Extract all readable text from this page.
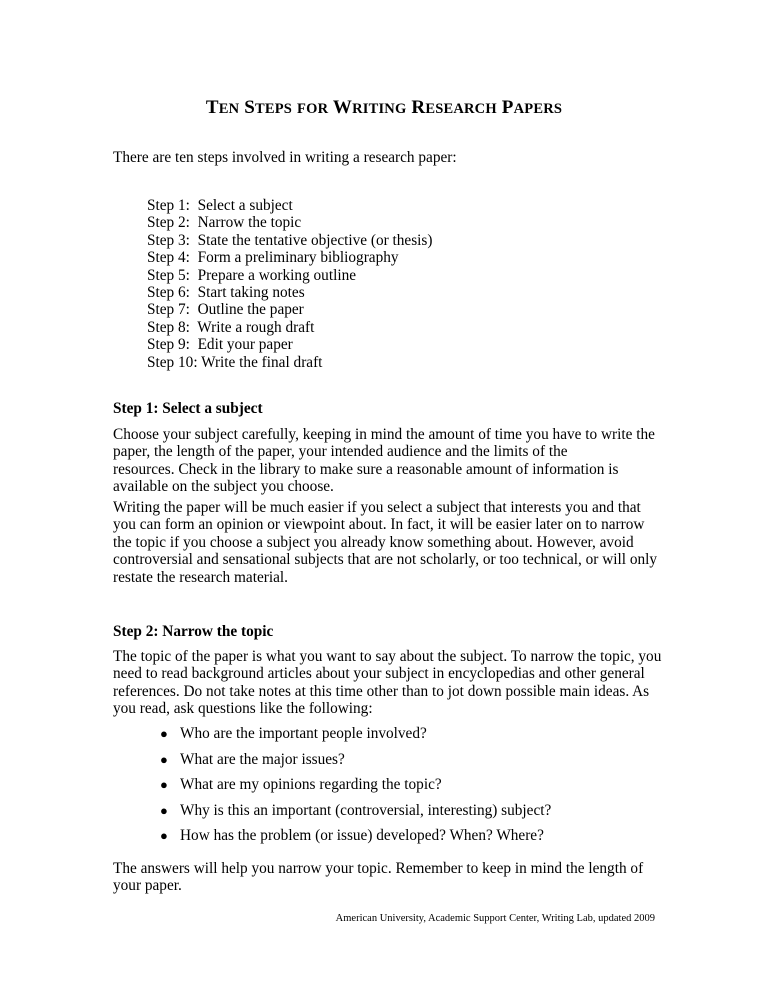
TEN STEPS FOR WRITING RESEARCH PAPERS
There are ten steps involved in writing a research paper:
Step 1: Select a subject
Step 2: Narrow the topic
Step 3: State the tentative objective (or thesis)
Step 4: Form a preliminary bibliography
Step 5: Prepare a working outline
Step 6: Start taking notes
Step 7: Outline the paper
Step 8: Write a rough draft
Step 9: Edit your paper
Step 10: Write the final draft
Step 1: Select a subject
Choose your subject carefully, keeping in mind the amount of time you have to write the
paper, the length of the paper, your intended audience and the limits of the
resources. Check in the library to make sure a reasonable amount of information is
available on the subject you choose.
Writing the paper will be much easier if you select a subject that interests you and that
you can form an opinion or viewpoint about. In fact, it will be easier later on to narrow
the topic if you choose a subject you already know something about. However, avoid
controversial and sensational subjects that are not scholarly, or too technical, or will only
restate the research material.
Step 2: Narrow the topic
The topic of the paper is what you want to say about the subject. To narrow the topic, you
need to read background articles about your subject in encyclopedias and other general
references. Do not take notes at this time other than to jot down possible main ideas. As
you read, ask questions like the following:
● Who are the important people involved?
● What are the major issues?
● What are my opinions regarding the topic?
● Why is this an important (controversial, interesting) subject?
● How has the problem (or issue) developed? When? Where?
The answers will help you narrow your topic. Remember to keep in mind the length of
your paper.
American University, Academic Support Center, Writing Lab, updated 2009
